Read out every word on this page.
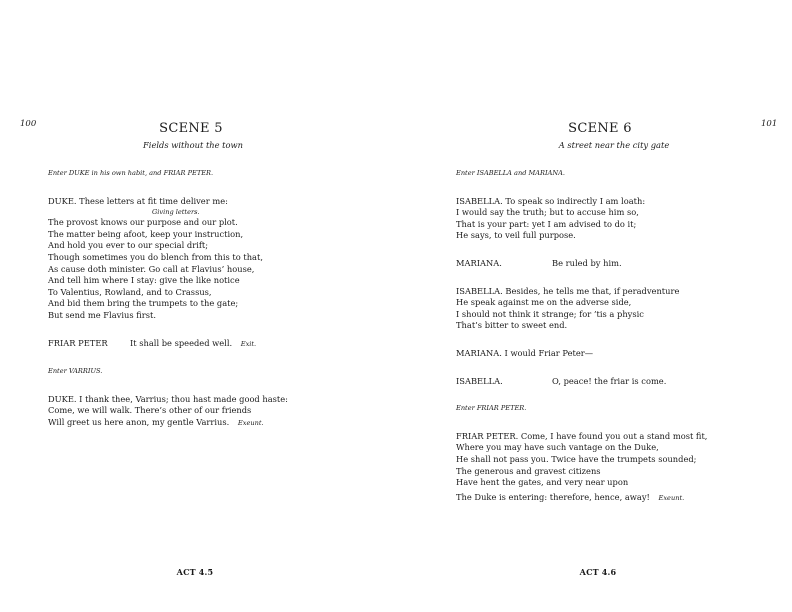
100	SCENE 5
Fields without the town
Enter DUKE in his own habit, and FRIAR PETER.
DUKE. These letters at fit time deliver me:
Giving letters.
The provost knows our purpose and our plot.
The matter being afoot, keep your instruction,
And hold you ever to our special drift;
Though sometimes you do blench from this to that,
As cause doth minister. Go call at Flavius’ house,
And tell him where I stay: give the like notice
To Valentius, Rowland, and to Crassus,
And bid them bring the trumpets to the gate;
But send me Flavius first.
FRIAR PETER	It shall be speeded well. Exit.
Enter VARRIUS.
DUKE. I thank thee, Varrius; thou hast made good haste:
Come, we will walk. There’s other of our friends
Will greet us here anon, my gentle Varrius. Exeunt.
ACT 4.5
101
SCENE 6
A street near the city gate
Enter ISABELLA and MARIANA.
ISABELLA. To speak so indirectly I am loath:
I would say the truth; but to accuse him so,
That is your part: yet I am advised to do it;
He says, to veil full purpose.
MARIANA.	Be ruled by him.
ISABELLA. Besides, he tells me that, if peradventure
He speak against me on the adverse side,
I should not think it strange; for ’tis a physic
That’s bitter to sweet end.
MARIANA. I would Friar Peter—
ISABELLA.	O, peace! the friar is come.
Enter FRIAR PETER.
FRIAR PETER. Come, I have found you out a stand most fit,
Where you may have such vantage on the Duke,
He shall not pass you. Twice have the trumpets sounded;
The generous and gravest citizens
Have hent the gates, and very near upon
The Duke is entering: therefore, hence, away! Exeunt.
ACT 4.6
